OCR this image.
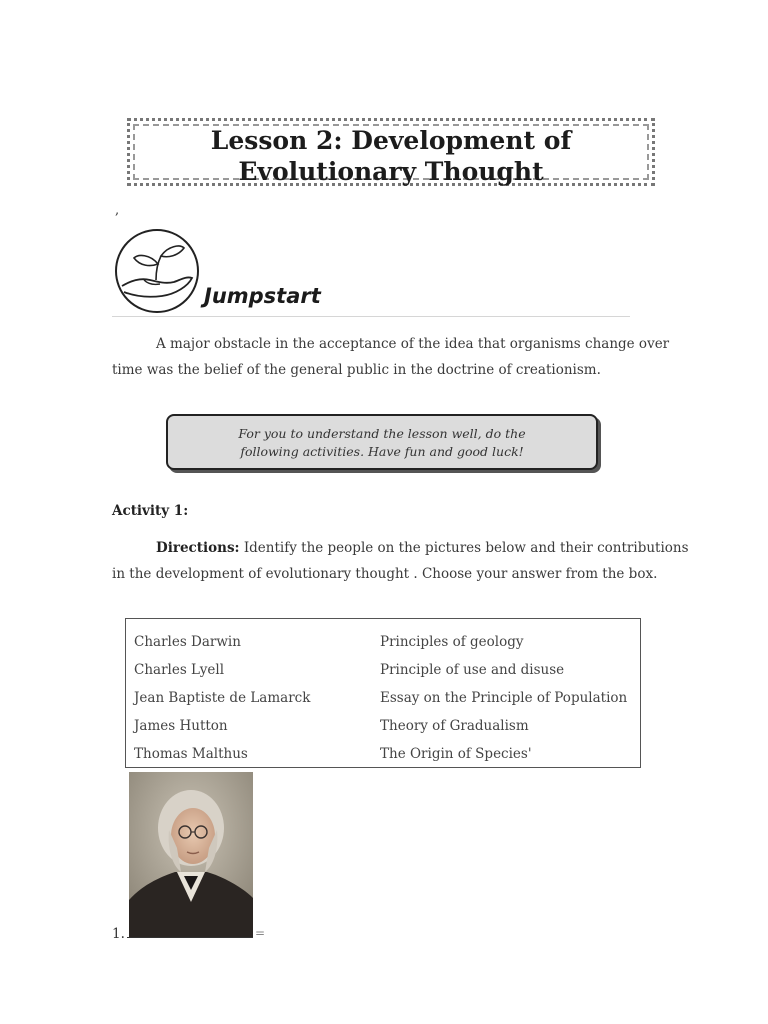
Lesson 2: Development of
Evolutionary Thought
,
Jumpstart
A major obstacle in the acceptance of the idea that organisms change over
time was the belief of the general public in the doctrine of creationism.
For you to understand the lesson well, do the
following activities. Have fun and good luck!
Activity 1:
Directions: Identify the people on the pictures below and their contributions
in the development of evolutionary thought . Choose your answer from the box.
Charles Darwin
Charles Lyell
Jean Baptiste de Lamarck
James Hutton
Thomas Malthus
Principles of geology
Principle of use and disuse
Essay on the Principle of Population
Theory of Gradualism
The Origin of Species'
1.	=
